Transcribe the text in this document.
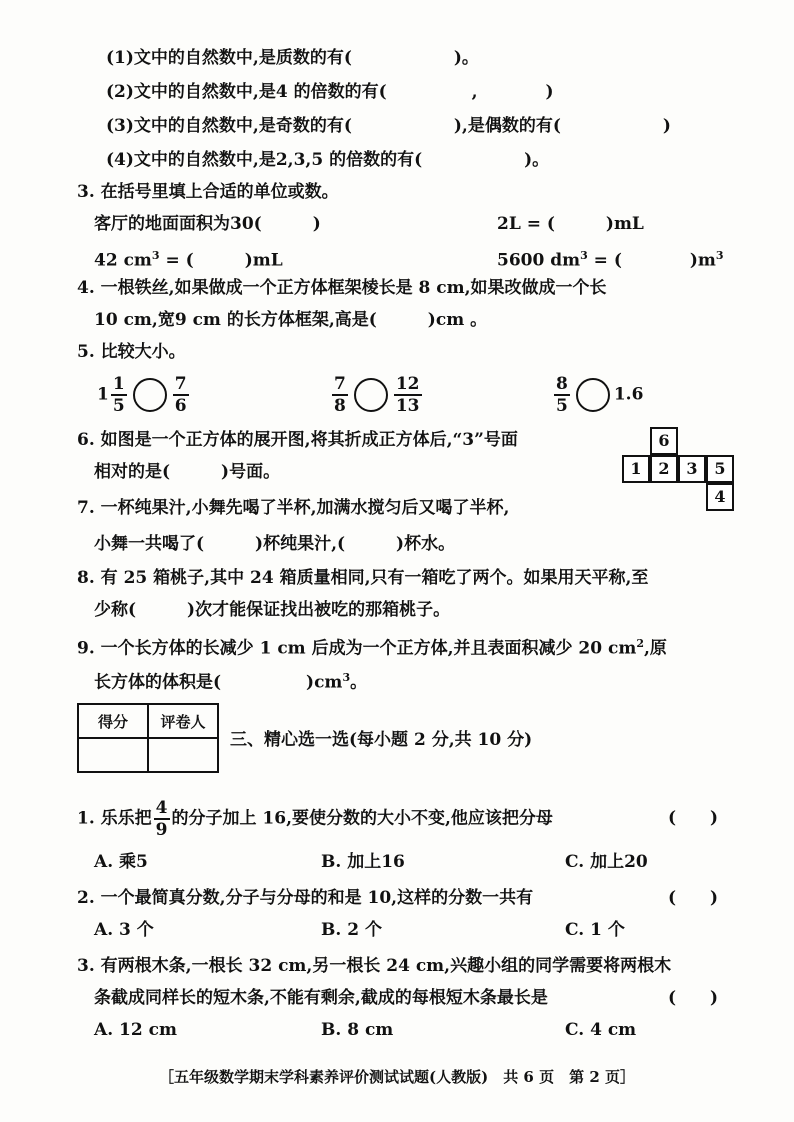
(1)文中的自然数中,是质数的有(　　　　　　)。
(2)文中的自然数中,是4 的倍数的有(　　　　　,　　　　)
(3)文中的自然数中,是奇数的有(　　　　　　),是偶数的有(　　　　　　)
(4)文中的自然数中,是2,3,5 的倍数的有(　　　　　　)。
3. 在括号里填上合适的单位或数。
客厅的地面面积为30(　　　)	2L = (　　　)mL
42 $cm^3$ = (　　　)mL	5600 $dm^3$ = (　　　　)$m^3$
4. 一根铁丝,如果做成一个正方体框架棱长是 8 cm,如果改做成一个长
10 cm,宽9 cm 的长方体框架,高是(　　　)cm 。
5. 比较大小。
$1 \frac{1}{5}$	$\frac{7}{6}$	$\frac{7}{8}$	$\frac{12}{13}$	$\frac{8}{5}$	1.6
6. 如图是一个正方体的展开图,将其折成正方体后,“3”号面
相对的是(　　　)号面。
6
1	2	3	5
4
7. 一杯纯果汁,小舞先喝了半杯,加满水搅匀后又喝了半杯,
小舞一共喝了(　　　)杯纯果汁,(　　　)杯水。
8. 有 25 箱桃子,其中 24 箱质量相同,只有一箱吃了两个。如果用天平称,至
少称(　　　)次才能保证找出被吃的那箱桃子。
9. 一个长方体的长减少 1 cm 后成为一个正方体,并且表面积减少 20 $cm^2$,原
长方体的体积是(　　　　　)$cm^3$。
得分	评卷人

三、精心选一选(每小题 2 分,共 10 分)
1. 乐乐把 $\frac{4}{9}$ 的分子加上 16,要使分数的大小不变,他应该把分母	(　　)
A. 乘5	B. 加上16	C. 加上20
2. 一个最简真分数,分子与分母的和是 10,这样的分数一共有	(　　)
A. 3 个	B. 2 个	C. 1 个
3. 有两根木条,一根长 32 cm,另一根长 24 cm,兴趣小组的同学需要将两根木
条截成同样长的短木条,不能有剩余,截成的每根短木条最长是	(　　)
A. 12 cm	B. 8 cm	C. 4 cm
［五年级数学期末学科素养评价测试试题(人教版)　共 6 页　第 2 页］
